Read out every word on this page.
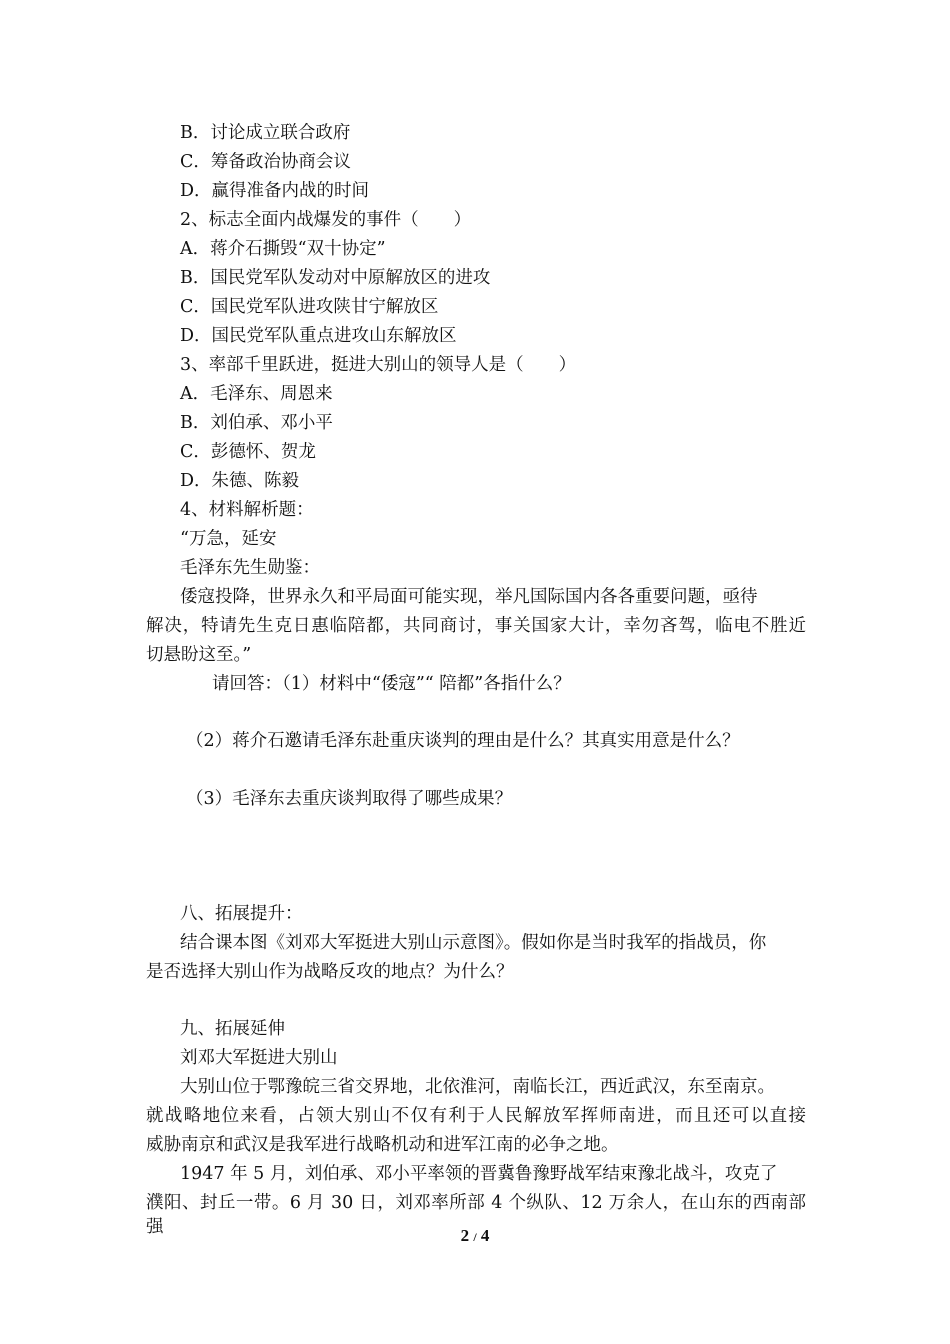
B．讨论成立联合政府
C．筹备政治协商会议
D．赢得准备内战的时间
2、标志全面内战爆发的事件（　　）
A．蒋介石撕毁“双十协定”
B．国民党军队发动对中原解放区的进攻
C．国民党军队进攻陕甘宁解放区
D．国民党军队重点进攻山东解放区
3、率部千里跃进，挺进大别山的领导人是（　　）
A．毛泽东、周恩来
B．刘伯承、邓小平
C．彭德怀、贺龙
D．朱德、陈毅
4、材料解析题：
“万急，延安
毛泽东先生勋鉴：
倭寇投降，世界永久和平局面可能实现，举凡国际国内各各重要问题，亟待
解决，特请先生克日惠临陪都，共同商讨，事关国家大计，幸勿吝驾，临电不胜近
切悬盼这至。”
请回答：（1）材料中“倭寇”“ 陪都”各指什么？
（2）蒋介石邀请毛泽东赴重庆谈判的理由是什么？其真实用意是什么？
（3）毛泽东去重庆谈判取得了哪些成果？
八、拓展提升：
结合课本图《刘邓大军挺进大别山示意图》。假如你是当时我军的指战员，你
是否选择大别山作为战略反攻的地点？为什么？
九、拓展延伸
刘邓大军挺进大别山
大别山位于鄂豫皖三省交界地，北依淮河，南临长江，西近武汉，东至南京。
就战略地位来看，占领大别山不仅有利于人民解放军挥师南进，而且还可以直接
威胁南京和武汉是我军进行战略机动和进军江南的必争之地。
1947 年 5 月，刘伯承、邓小平率领的晋冀鲁豫野战军结束豫北战斗，攻克了
濮阳、封丘一带。6 月 30 日，刘邓率所部 4 个纵队、12 万余人，在山东的西南部强	2 / 4
